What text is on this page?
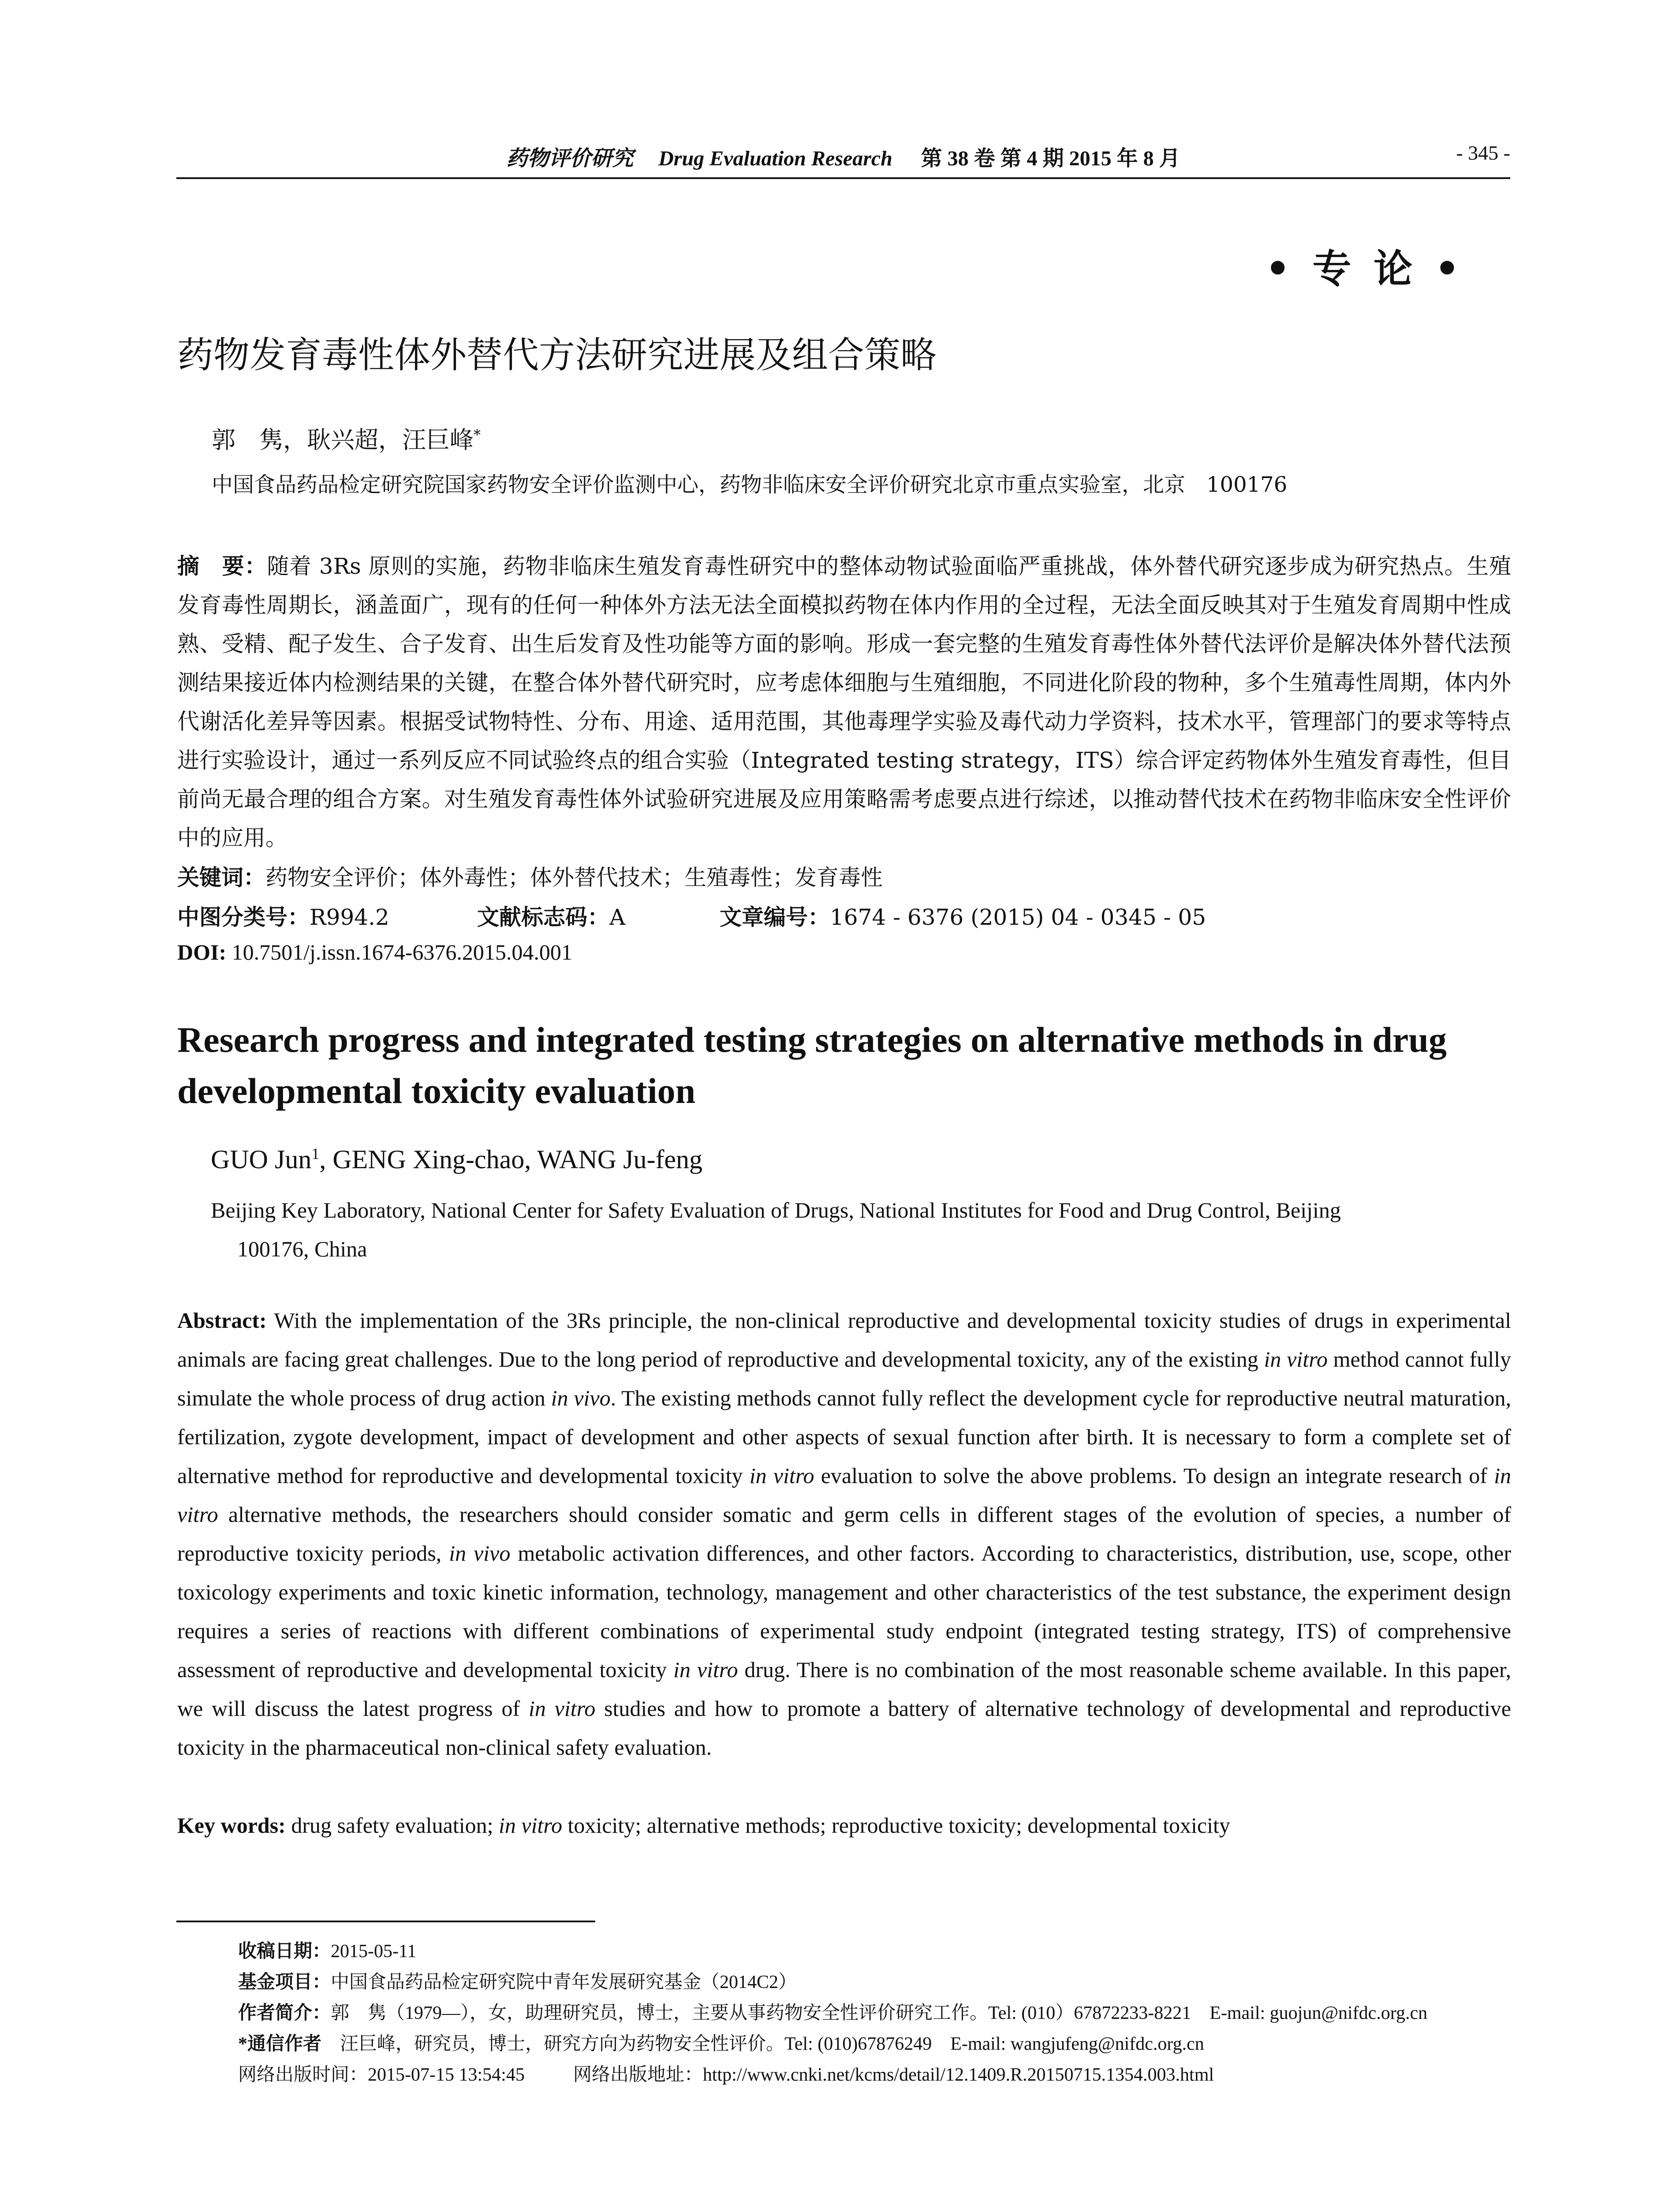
药物评价研究 Drug Evaluation Research 第 38 卷 第 4 期 2015 年 8 月	- 345 -
• 专 论 •
药物发育毒性体外替代方法研究进展及组合策略
郭　隽，耿兴超，汪巨峰*
中国食品药品检定研究院国家药物安全评价监测中心，药物非临床安全评价研究北京市重点实验室，北京　100176
摘　要：随着 3Rs 原则的实施，药物非临床生殖发育毒性研究中的整体动物试验面临严重挑战，体外替代研究逐步成为研究热点。生殖发育毒性周期长，涵盖面广，现有的任何一种体外方法无法全面模拟药物在体内作用的全过程，无法全面反映其对于生殖发育周期中性成熟、受精、配子发生、合子发育、出生后发育及性功能等方面的影响。形成一套完整的生殖发育毒性体外替代法评价是解决体外替代法预测结果接近体内检测结果的关键，在整合体外替代研究时，应考虑体细胞与生殖细胞，不同进化阶段的物种，多个生殖毒性周期，体内外代谢活化差异等因素。根据受试物特性、分布、用途、适用范围，其他毒理学实验及毒代动力学资料，技术水平，管理部门的要求等特点进行实验设计，通过一系列反应不同试验终点的组合实验（Integrated testing strategy，ITS）综合评定药物体外生殖发育毒性，但目前尚无最合理的组合方案。对生殖发育毒性体外试验研究进展及应用策略需考虑要点进行综述，以推动替代技术在药物非临床安全性评价中的应用。
关键词：药物安全评价；体外毒性；体外替代技术；生殖毒性；发育毒性
中图分类号：R994.2	文献标志码：A	文章编号：1674 - 6376 (2015) 04 - 0345 - 05
DOI: 10.7501/j.issn.1674-6376.2015.04.001
Research progress and integrated testing strategies on alternative methods in drug developmental toxicity evaluation
GUO Jun$^1$, GENG Xing-chao, WANG Ju-feng
Beijing Key Laboratory, National Center for Safety Evaluation of Drugs, National Institutes for Food and Drug Control, Beijing
100176, China
Abstract: With the implementation of the 3Rs principle, the non-clinical reproductive and developmental toxicity studies of drugs in experimental animals are facing great challenges. Due to the long period of reproductive and developmental toxicity, any of the existing in vitro method cannot fully simulate the whole process of drug action in vivo. The existing methods cannot fully reflect the development cycle for reproductive neutral maturation, fertilization, zygote development, impact of development and other aspects of sexual function after birth. It is necessary to form a complete set of alternative method for reproductive and developmental toxicity in vitro evaluation to solve the above problems. To design an integrate research of in vitro alternative methods, the researchers should consider somatic and germ cells in different stages of the evolution of species, a number of reproductive toxicity periods, in vivo metabolic activation differences, and other factors. According to characteristics, distribution, use, scope, other toxicology experiments and toxic kinetic information, technology, management and other characteristics of the test substance, the experiment design requires a series of reactions with different combinations of experimental study endpoint (integrated testing strategy, ITS) of comprehensive assessment of reproductive and developmental toxicity in vitro drug. There is no combination of the most reasonable scheme available. In this paper, we will discuss the latest progress of in vitro studies and how to promote a battery of alternative technology of developmental and reproductive toxicity in the pharmaceutical non-clinical safety evaluation.
Key words: drug safety evaluation; in vitro toxicity; alternative methods; reproductive toxicity; developmental toxicity
收稿日期：2015-05-11
基金项目：中国食品药品检定研究院中青年发展研究基金（2014C2）
作者简介：郭　隽（1979—），女，助理研究员，博士，主要从事药物安全性评价研究工作。Tel: (010）67872233-8221　E-mail: guojun@nifdc.org.cn
*通信作者　汪巨峰，研究员，博士，研究方向为药物安全性评价。Tel: (010)67876249　E-mail: wangjufeng@nifdc.org.cn
网络出版时间：2015-07-15 13:54:45	网络出版地址：http://www.cnki.net/kcms/detail/12.1409.R.20150715.1354.003.html
